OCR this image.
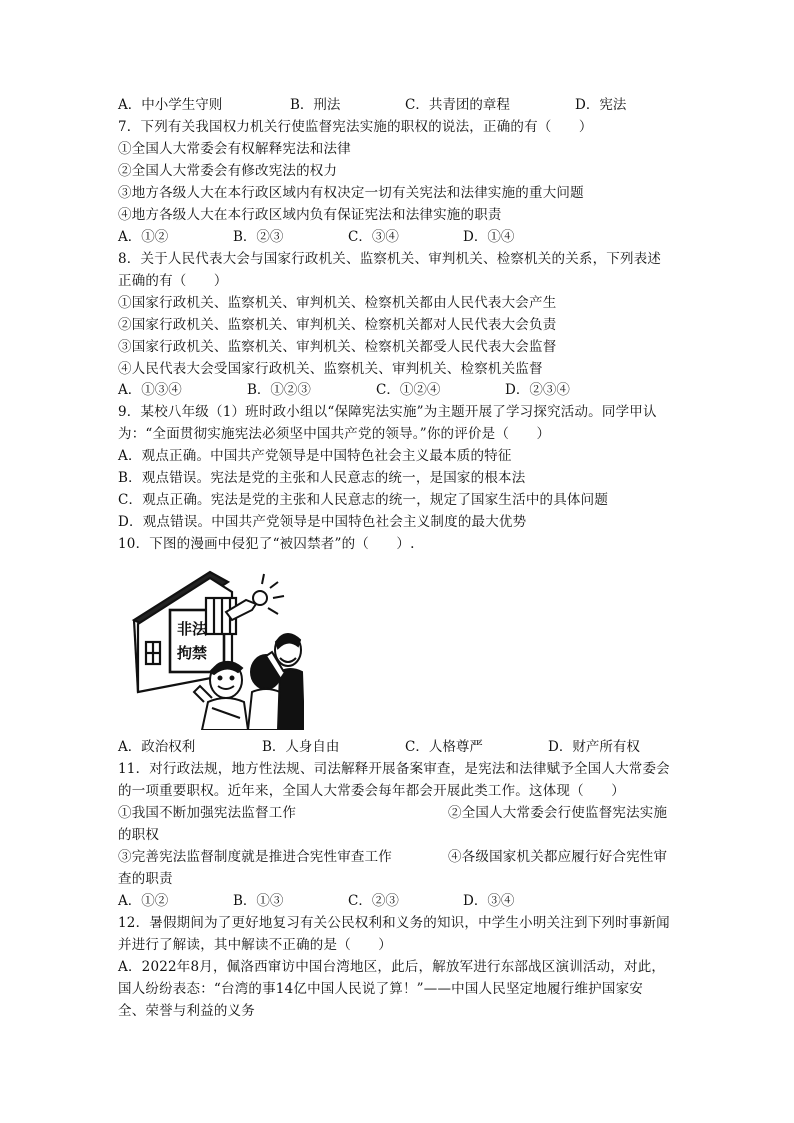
A．中小学生守则	B．刑法	C．共青团的章程	D．宪法
7．下列有关我国权力机关行使监督宪法实施的职权的说法，正确的有（　　）
①全国人大常委会有权解释宪法和法律
②全国人大常委会有修改宪法的权力
③地方各级人大在本行政区域内有权决定一切有关宪法和法律实施的重大问题
④地方各级人大在本行政区域内负有保证宪法和法律实施的职责
A．①②	B．②③	C．③④	D．①④
8．关于人民代表大会与国家行政机关、监察机关、审判机关、检察机关的关系，下列表述
正确的有（　　）
①国家行政机关、监察机关、审判机关、检察机关都由人民代表大会产生
②国家行政机关、监察机关、审判机关、检察机关都对人民代表大会负责
③国家行政机关、监察机关、审判机关、检察机关都受人民代表大会监督
④人民代表大会受国家行政机关、监察机关、审判机关、检察机关监督
A．①③④	B．①②③	C．①②④	D．②③④
9．某校八年级（1）班时政小组以“保障宪法实施”为主题开展了学习探究活动。同学甲认
为：“全面贯彻实施宪法必须坚中国共产党的领导。”你的评价是（　　）
A．观点正确。中国共产党领导是中国特色社会主义最本质的特征
B．观点错误。宪法是党的主张和人民意志的统一，是国家的根本法
C．观点正确。宪法是党的主张和人民意志的统一，规定了国家生活中的具体问题
D．观点错误。中国共产党领导是中国特色社会主义制度的最大优势
10．下图的漫画中侵犯了“被囚禁者”的（　　）.
非法
拘禁
A．政治权利	B．人身自由	C．人格尊严	D．财产所有权
11．对行政法规，地方性法规、司法解释开展备案审查，是宪法和法律赋予全国人大常委会
的一项重要职权。近年来，全国人大常委会每年都会开展此类工作。这体现（　　）
①我国不断加强宪法监督工作	②全国人大常委会行使监督宪法实施
的职权
③完善宪法监督制度就是推进合宪性审查工作	④各级国家机关都应履行好合宪性审
查的职责
A．①②	B．①③	C．②③	D．③④
12．暑假期间为了更好地复习有关公民权利和义务的知识，中学生小明关注到下列时事新闻
并进行了解读，其中解读不正确的是（　　）
A．2022年8月，佩洛西窜访中国台湾地区，此后，解放军进行东部战区演训活动，对此，
国人纷纷表态：“台湾的事14亿中国人民说了算！”——中国人民坚定地履行维护国家安
全、荣誉与利益的义务
